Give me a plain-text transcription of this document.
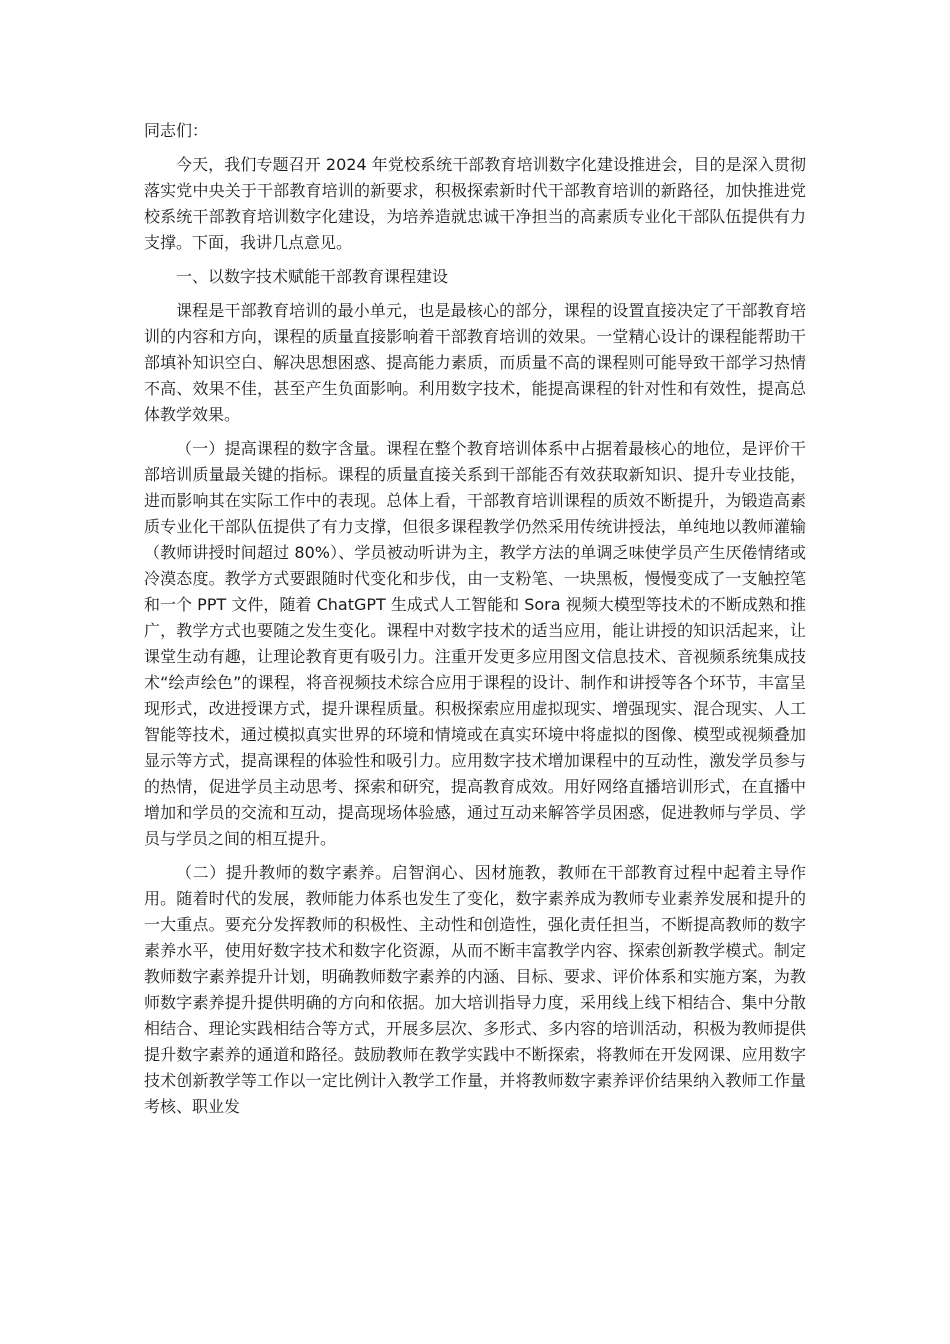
同志们：

今天，我们专题召开 2024 年党校系统干部教育培训数字化建设推进会，目的是深入贯彻落实党中央关于干部教育培训的新要求，积极探索新时代干部教育培训的新路径，加快推进党校系统干部教育培训数字化建设，为培养造就忠诚干净担当的高素质专业化干部队伍提供有力支撑。下面，我讲几点意见。

一、以数字技术赋能干部教育课程建设

课程是干部教育培训的最小单元，也是最核心的部分，课程的设置直接决定了干部教育培训的内容和方向，课程的质量直接影响着干部教育培训的效果。一堂精心设计的课程能帮助干部填补知识空白、解决思想困惑、提高能力素质，而质量不高的课程则可能导致干部学习热情不高、效果不佳，甚至产生负面影响。利用数字技术，能提高课程的针对性和有效性，提高总体教学效果。

（一）提高课程的数字含量。课程在整个教育培训体系中占据着最核心的地位，是评价干部培训质量最关键的指标。课程的质量直接关系到干部能否有效获取新知识、提升专业技能，进而影响其在实际工作中的表现。总体上看，干部教育培训课程的质效不断提升，为锻造高素质专业化干部队伍提供了有力支撑，但很多课程教学仍然采用传统讲授法，单纯地以教师灌输（教师讲授时间超过 80%）、学员被动听讲为主，教学方法的单调乏味使学员产生厌倦情绪或冷漠态度。教学方式要跟随时代变化和步伐，由一支粉笔、一块黑板，慢慢变成了一支触控笔和一个 PPT 文件，随着 ChatGPT 生成式人工智能和 Sora 视频大模型等技术的不断成熟和推广，教学方式也要随之发生变化。课程中对数字技术的适当应用，能让讲授的知识活起来，让课堂生动有趣，让理论教育更有吸引力。注重开发更多应用图文信息技术、音视频系统集成技术“绘声绘色”的课程，将音视频技术综合应用于课程的设计、制作和讲授等各个环节，丰富呈现形式，改进授课方式，提升课程质量。积极探索应用虚拟现实、增强现实、混合现实、人工智能等技术，通过模拟真实世界的环境和情境或在真实环境中将虚拟的图像、模型或视频叠加显示等方式，提高课程的体验性和吸引力。应用数字技术增加课程中的互动性，激发学员参与的热情，促进学员主动思考、探索和研究，提高教育成效。用好网络直播培训形式，在直播中增加和学员的交流和互动，提高现场体验感，通过互动来解答学员困惑，促进教师与学员、学员与学员之间的相互提升。

（二）提升教师的数字素养。启智润心、因材施教，教师在干部教育过程中起着主导作用。随着时代的发展，教师能力体系也发生了变化，数字素养成为教师专业素养发展和提升的一大重点。要充分发挥教师的积极性、主动性和创造性，强化责任担当，不断提高教师的数字素养水平，使用好数字技术和数字化资源，从而不断丰富教学内容、探索创新教学模式。制定教师数字素养提升计划，明确教师数字素养的内涵、目标、要求、评价体系和实施方案，为教师数字素养提升提供明确的方向和依据。加大培训指导力度，采用线上线下相结合、集中分散相结合、理论实践相结合等方式，开展多层次、多形式、多内容的培训活动，积极为教师提供提升数字素养的通道和路径。鼓励教师在教学实践中不断探索，将教师在开发网课、应用数字技术创新教学等工作以一定比例计入教学工作量，并将教师数字素养评价结果纳入教师工作量考核、职业发
